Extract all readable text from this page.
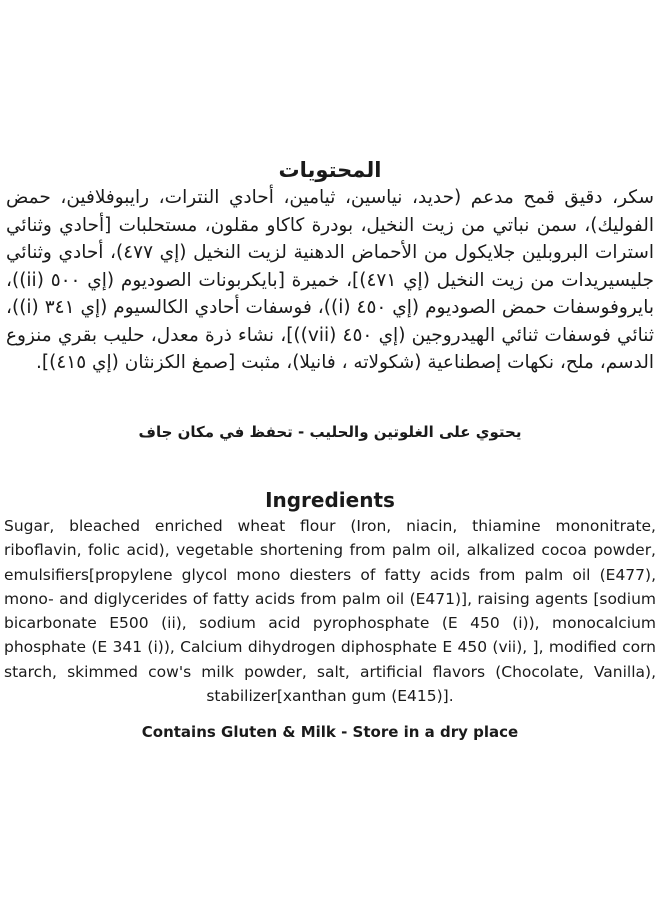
المحتويات

سكر، دقيق قمح مدعم (حديد، نياسين، ثيامين، أحادي النترات، رايبوفلافين، حمض الفوليك)، سمن نباتي من زيت النخيل، بودرة كاكاو مقلون، مستحلبات [أحادي وثنائي استرات البروبلين جلايكول من الأحماض الدهنية لزيت النخيل (إي ٤٧٧)، أحادي وثنائي جليسيريدات من زيت النخيل (إي ٤٧١)]، خميرة [بايكربونات الصوديوم (إي ٥٠٠ (ii))، بايروفوسفات حمض الصوديوم (إي ٤٥٠ (i))، فوسفات أحادي الكالسيوم (إي ٣٤١ (i))، ثنائي فوسفات ثنائي الهيدروجين (إي ٤٥٠ (vii))]، نشاء ذرة معدل، حليب بقري منزوع الدسم، ملح، نكهات إصطناعية (شكولاته ، فانيلا)، مثبت [صمغ الكزنثان (إي ٤١٥)].

يحتوي على الغلوتين والحليب - تحفظ في مكان جاف
Ingredients

Sugar, bleached enriched wheat flour (Iron, niacin, thiamine mononitrate, riboflavin, folic acid), vegetable shortening from palm oil, alkalized cocoa powder, emulsifiers[propylene glycol mono diesters of fatty acids from palm oil (E477), mono- and diglycerides of fatty acids from palm oil (E471)], raising agents [sodium bicarbonate E500 (ii), sodium acid pyrophosphate (E 450 (i)), monocalcium phosphate (E 341 (i)), Calcium dihydrogen diphosphate E 450 (vii), ], modified corn starch, skimmed cow's milk powder, salt, artificial flavors (Chocolate, Vanilla), stabilizer[xanthan gum (E415)].

Contains Gluten & Milk - Store in a dry place
